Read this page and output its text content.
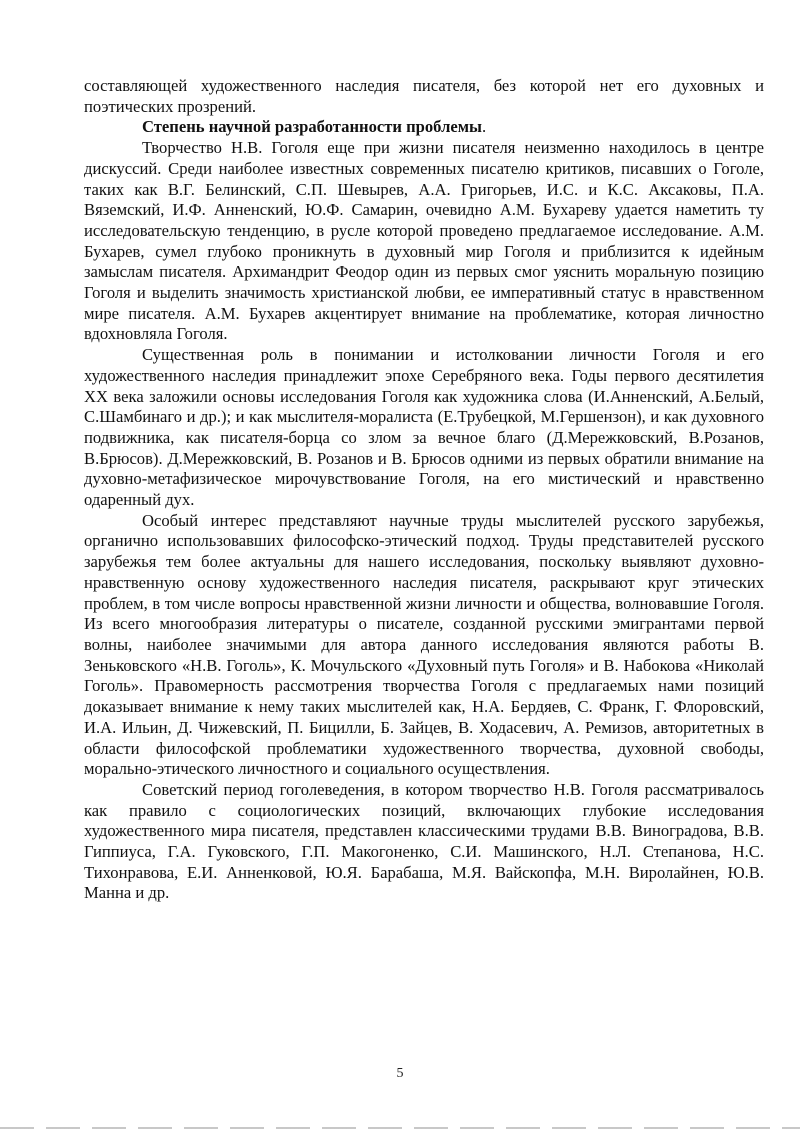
составляющей художественного наследия писателя, без которой нет его духовных и поэтических прозрений.

Степень научной разработанности проблемы.

Творчество Н.В. Гоголя еще при жизни писателя неизменно находилось в центре дискуссий. Среди наиболее известных современных писателю критиков, писавших о Гоголе, таких как В.Г. Белинский, С.П. Шевырев, А.А. Григорьев, И.С. и К.С. Аксаковы, П.А. Вяземский, И.Ф. Анненский, Ю.Ф. Самарин, очевидно А.М. Бухареву удается наметить ту исследовательскую тенденцию, в русле которой проведено предлагаемое исследование. А.М. Бухарев, сумел глубоко проникнуть в духовный мир Гоголя и приблизится к идейным замыслам писателя. Архимандрит Феодор один из первых смог уяснить моральную позицию Гоголя и выделить значимость христианской любви, ее императивный статус в нравственном мире писателя. А.М. Бухарев акцентирует внимание на проблематике, которая личностно вдохновляла Гоголя.

Существенная роль в понимании и истолковании личности Гоголя и его художественного наследия принадлежит эпохе Серебряного века. Годы первого десятилетия XX века заложили основы исследования Гоголя как художника слова (И.Анненский, А.Белый, С.Шамбинаго и др.); и как мыслителя-моралиста (Е.Трубецкой, М.Гершензон), и как духовного подвижника, как писателя-борца со злом за вечное благо (Д.Мережковский, В.Розанов, В.Брюсов). Д.Мережковский, В. Розанов и В. Брюсов одними из первых обратили внимание на духовно-метафизическое мирочувствование Гоголя, на его мистический и нравственно одаренный дух.

Особый интерес представляют научные труды мыслителей русского зарубежья, органично использовавших философско-этический подход. Труды представителей русского зарубежья тем более актуальны для нашего исследования, поскольку выявляют духовно-нравственную основу художественного наследия писателя, раскрывают круг этических проблем, в том числе вопросы нравственной жизни личности и общества, волновавшие Гоголя. Из всего многообразия литературы о писателе, созданной русскими эмигрантами первой волны, наиболее значимыми для автора данного исследования являются работы В. Зеньковского «Н.В. Гоголь», К. Мочульского «Духовный путь Гоголя» и В. Набокова «Николай Гоголь». Правомерность рассмотрения творчества Гоголя с предлагаемых нами позиций доказывает внимание к нему таких мыслителей как, Н.А. Бердяев, С. Франк, Г. Флоровский, И.А. Ильин, Д. Чижевский, П. Бицилли, Б. Зайцев, В. Ходасевич, А. Ремизов, авторитетных в области философской проблематики художественного творчества, духовной свободы, морально-этического личностного и социального осуществления.

Советский период гоголеведения, в котором творчество Н.В. Гоголя рассматривалось как правило с социологических позиций, включающих глубокие исследования художественного мира писателя, представлен классическими трудами В.В. Виноградова, В.В. Гиппиуса, Г.А. Гуковского, Г.П. Макогоненко, С.И. Машинского, Н.Л. Степанова, Н.С. Тихонравова, Е.И. Анненковой, Ю.Я. Барабаша, М.Я. Вайскопфа, М.Н. Виролайнен, Ю.В. Манна и др.

5
